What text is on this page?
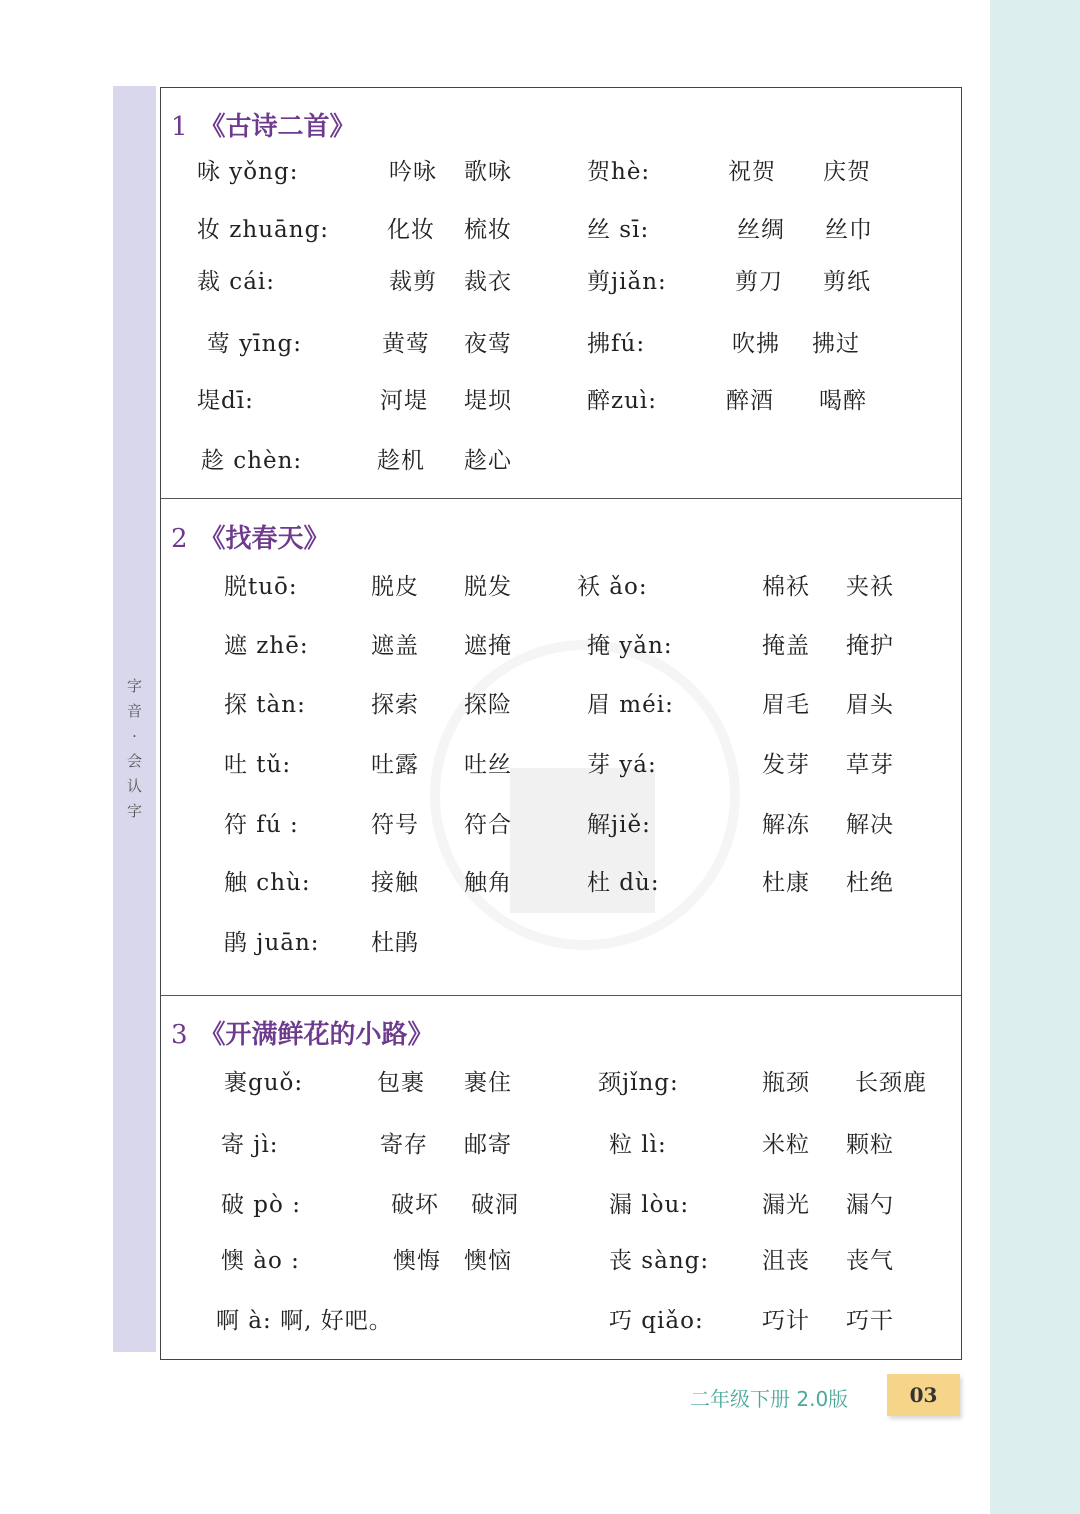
字
音
·
会
认
字
1 《古诗二首》
2 《找春天》
3 《开满鲜花的小路》
咏 yǒng:	吟咏 歌咏	贺hè:	祝贺 庆贺
妆 zhuāng:	化妆 梳妆	丝 sī:	丝绸 丝巾
裁 cái:	裁剪 裁衣	剪jiǎn:	剪刀 剪纸
莺 yīng:	黄莺 夜莺	拂fú:	吹拂 拂过
堤dī:	河堤 堤坝	醉zuì:	醉酒 喝醉
趁 chèn:	趁机 趁心
脱tuō:	脱皮 脱发	袄 ǎo:	棉袄 夹袄
遮 zhē:	遮盖 遮掩	掩 yǎn:	掩盖 掩护
探 tàn:	探索 探险	眉 méi:	眉毛 眉头
吐 tǔ:	吐露 吐丝	芽 yá:	发芽 草芽
符 fú :	符号 符合	解jiě:	解冻 解决
触 chù:	接触 触角	杜 dù:	杜康 杜绝
鹃 juān: 杜鹃
裹guǒ:	包裹 裹住	颈jǐng:	瓶颈 长颈鹿
寄 jì:	寄存 邮寄	粒 lì:	米粒 颗粒
破 pò :	破坏 破洞	漏 lòu:	漏光 漏勺
懊 ào :	懊悔 懊恼	丧 sàng: 沮丧 丧气
啊 à: 啊, 好吧。	巧 qiǎo:	巧计 巧干
二年级下册 2.0版	03
